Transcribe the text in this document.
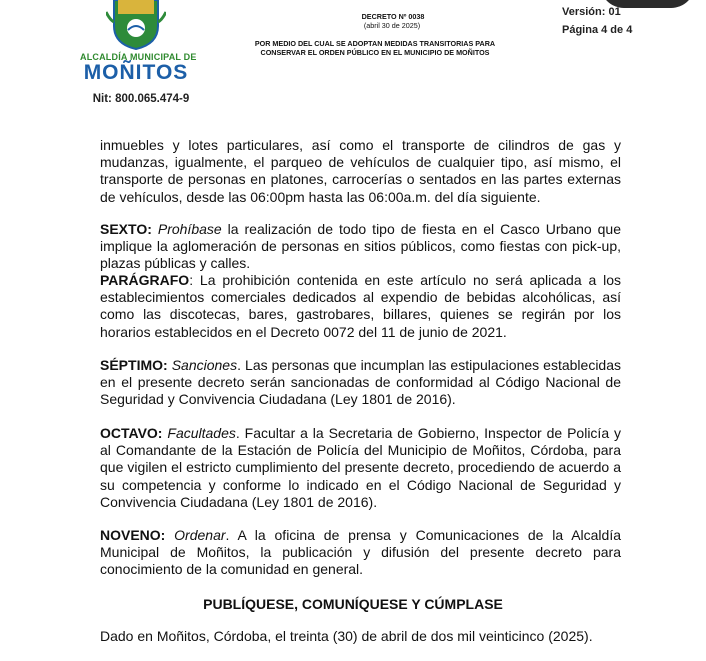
ALCALDÍA MUNICIPAL DE
MOÑITOS
Nit: 800.065.474-9
DECRETO Nº 0038
(abril 30 de 2025)
POR MEDIO DEL CUAL SE ADOPTAN MEDIDAS TRANSITORIAS PARA CONSERVAR EL ORDEN PÚBLICO EN EL MUNICIPIO DE MOÑITOS
Versión: 01
Página 4 de 4
inmuebles y lotes particulares, así como el transporte de cilindros de gas y mudanzas, igualmente, el parqueo de vehículos de cualquier tipo, así mismo, el transporte de personas en platones, carrocerías o sentados en las partes externas de vehículos, desde las 06:00pm hasta las 06:00a.m. del día siguiente.
SEXTO: Prohíbase la realización de todo tipo de fiesta en el Casco Urbano que implique la aglomeración de personas en sitios públicos, como fiestas con pick-up, plazas públicas y calles.
PARÁGRAFO: La prohibición contenida en este artículo no será aplicada a los establecimientos comerciales dedicados al expendio de bebidas alcohólicas, así como las discotecas, bares, gastrobares, billares, quienes se regirán por los horarios establecidos en el Decreto 0072 del 11 de junio de 2021.
SÉPTIMO: Sanciones. Las personas que incumplan las estipulaciones establecidas en el presente decreto serán sancionadas de conformidad al Código Nacional de Seguridad y Convivencia Ciudadana (Ley 1801 de 2016).
OCTAVO: Facultades. Facultar a la Secretaria de Gobierno, Inspector de Policía y al Comandante de la Estación de Policía del Municipio de Moñitos, Córdoba, para que vigilen el estricto cumplimiento del presente decreto, procediendo de acuerdo a su competencia y conforme lo indicado en el Código Nacional de Seguridad y Convivencia Ciudadana (Ley 1801 de 2016).
NOVENO: Ordenar. A la oficina de prensa y Comunicaciones de la Alcaldía Municipal de Moñitos, la publicación y difusión del presente decreto para conocimiento de la comunidad en general.
PUBLÍQUESE, COMUNÍQUESE Y CÚMPLASE
Dado en Moñitos, Córdoba, el treinta (30) de abril de dos mil veinticinco (2025).
